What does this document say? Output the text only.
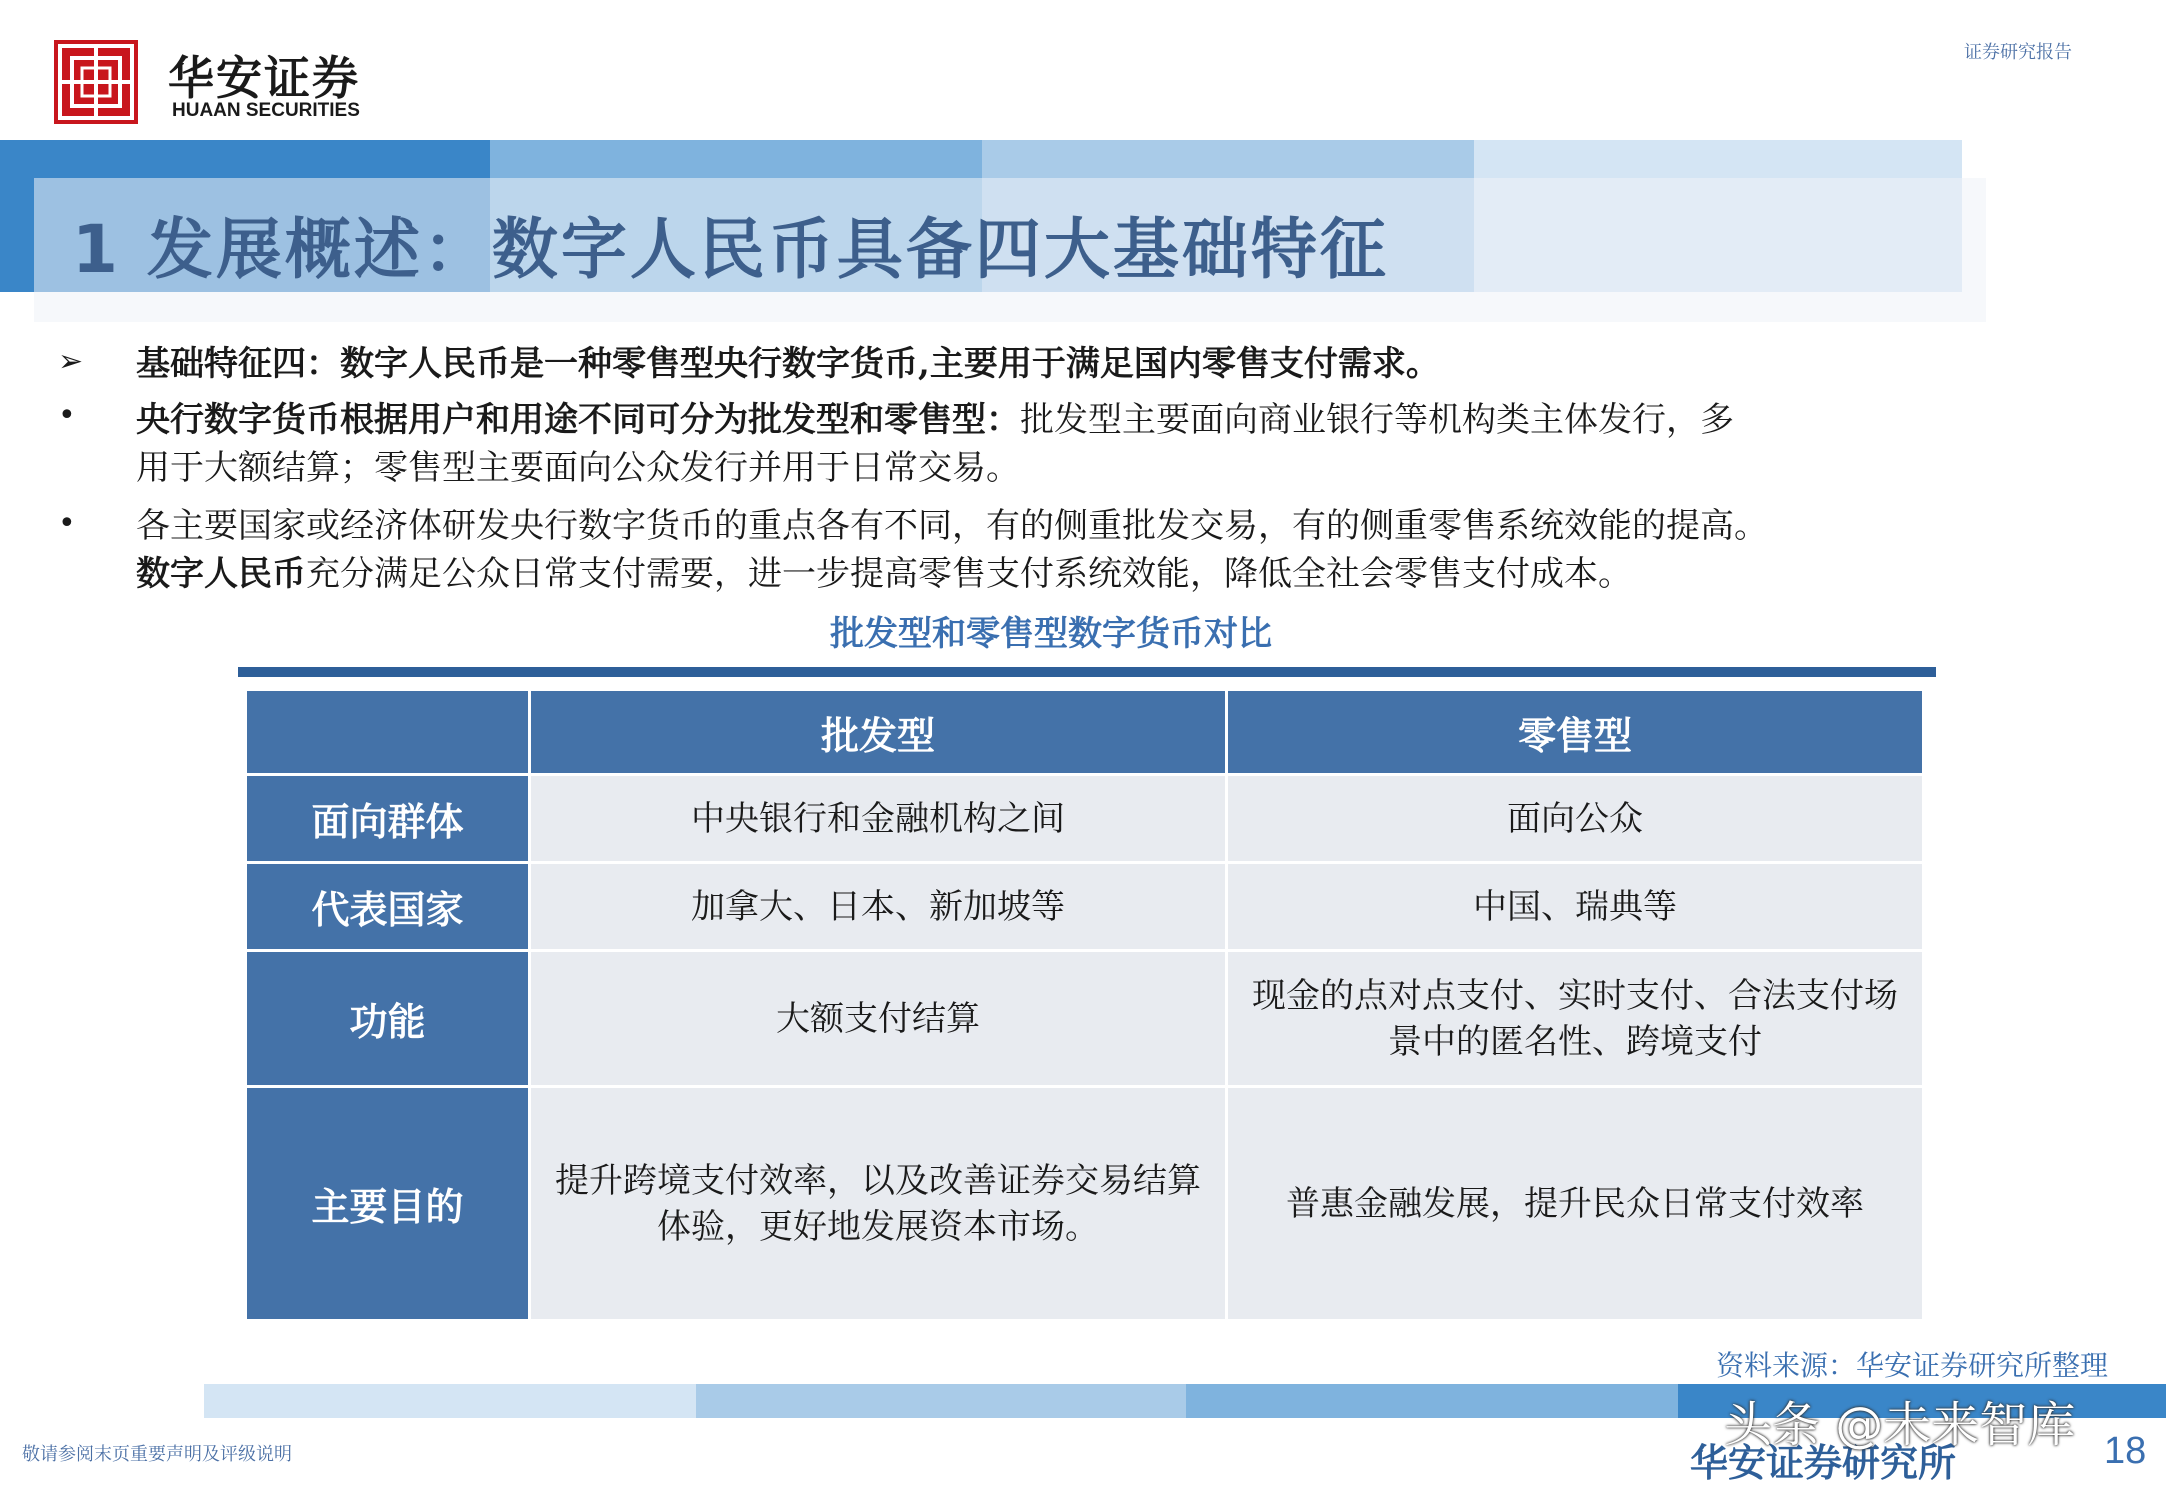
华安证券
HUAAN SECURITIES
证券研究报告
1 发展概述：数字人民币具备四大基础特征
➢ 基础特征四：数字人民币是一种零售型央行数字货币,主要用于满足国内零售支付需求。
• 央行数字货币根据用户和用途不同可分为批发型和零售型：批发型主要面向商业银行等机构类主体发行，多
用于大额结算；零售型主要面向公众发行并用于日常交易。
• 各主要国家或经济体研发央行数字货币的重点各有不同，有的侧重批发交易，有的侧重零售系统效能的提高。
数字人民币充分满足公众日常支付需要，进一步提高零售支付系统效能，降低全社会零售支付成本。
批发型和零售型数字货币对比
	批发型	零售型
面向群体	中央银行和金融机构之间	面向公众
代表国家	加拿大、日本、新加坡等	中国、瑞典等
功能	大额支付结算	现金的点对点支付、实时支付、合法支付场景中的匿名性、跨境支付
主要目的	提升跨境支付效率，以及改善证券交易结算体验，更好地发展资本市场。	普惠金融发展，提升民众日常支付效率
资料来源：华安证券研究所整理
敬请参阅末页重要声明及评级说明	华安证券研究所	18
头条 @未来智库
